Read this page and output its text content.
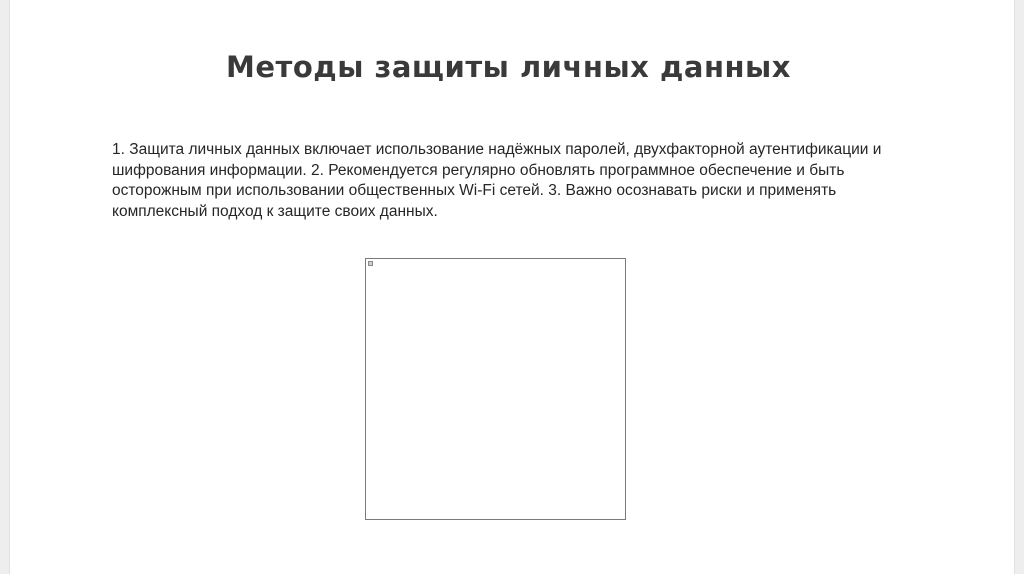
Методы защиты личных данных

1. Защита личных данных включает использование надёжных паролей, двухфакторной аутентификации и шифрования информации. 2. Рекомендуется регулярно обновлять программное обеспечение и быть осторожным при использовании общественных Wi-Fi сетей. 3. Важно осознавать риски и применять комплексный подход к защите своих данных.
